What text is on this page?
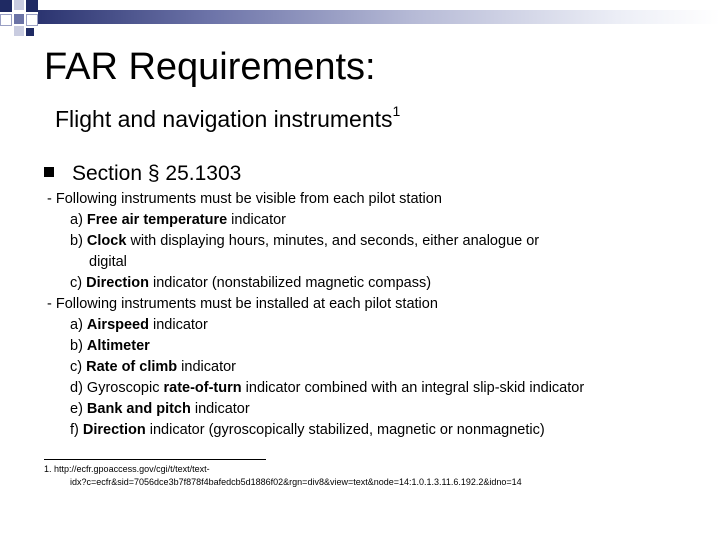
FAR Requirements:
Flight and navigation instruments$^1$
Section § 25.1303
- Following instruments must be visible from each pilot station
a) Free air temperature indicator
b) Clock with displaying hours, minutes, and seconds, either analogue or
digital
c) Direction indicator (nonstabilized magnetic compass)
- Following instruments must be installed at each pilot station
a) Airspeed indicator
b) Altimeter
c) Rate of climb indicator
d) Gyroscopic rate-of-turn indicator combined with an integral slip-skid indicator
e) Bank and pitch indicator
f) Direction indicator (gyroscopically stabilized, magnetic or nonmagnetic)
1. http://ecfr.gpoaccess.gov/cgi/t/text/text-
idx?c=ecfr&sid=7056dce3b7f878f4bafedcb5d1886f02&rgn=div8&view=text&node=14:1.0.1.3.11.6.192.2&idno=14
